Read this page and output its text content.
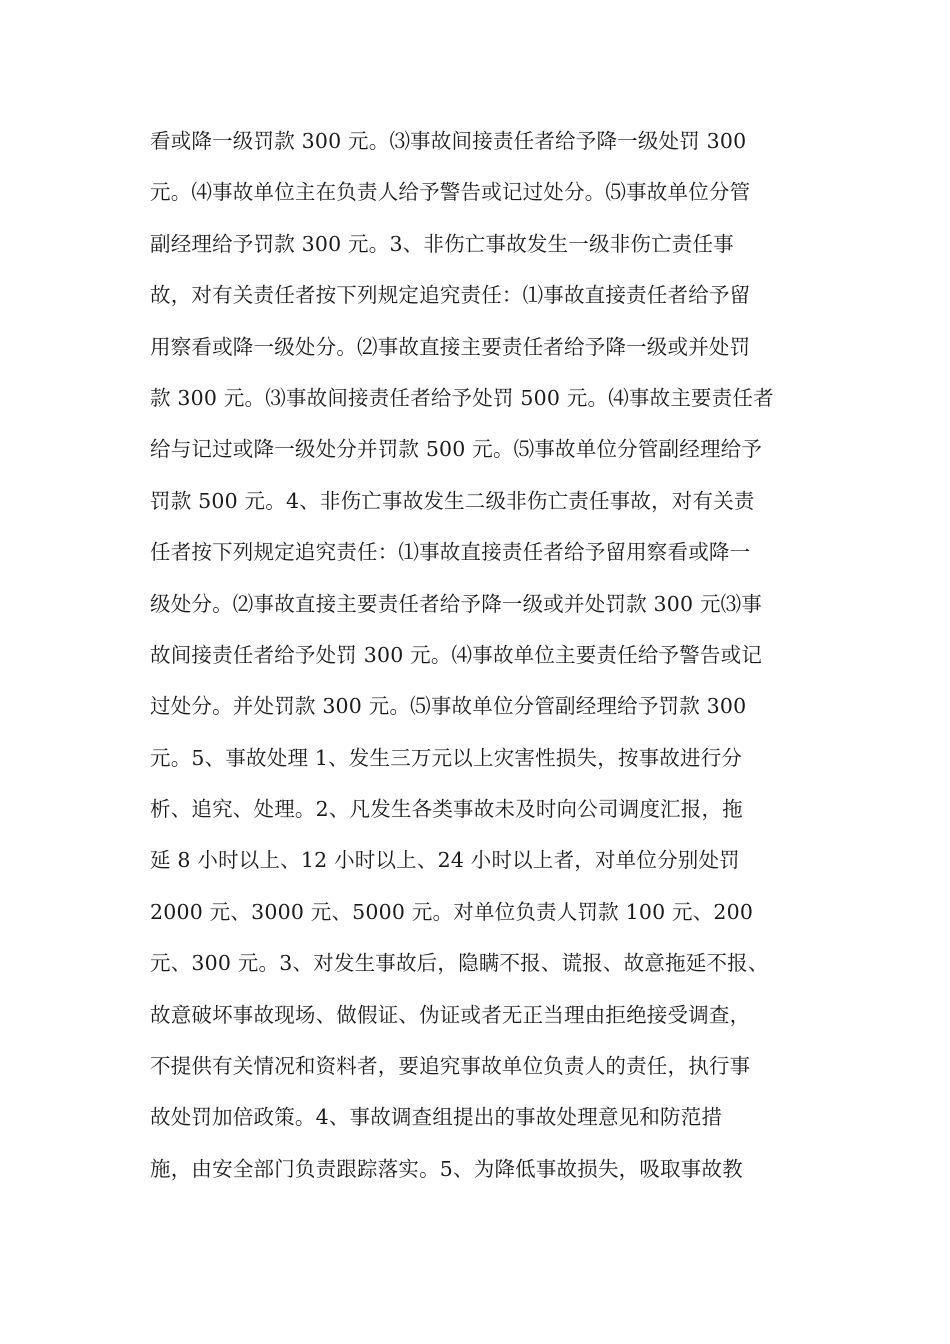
看或降一级罚款 300 元。⑶事故间接责任者给予降一级处罚 300
元。⑷事故单位主在负责人给予警告或记过处分。⑸事故单位分管
副经理给予罚款 300 元。3、非伤亡事故发生一级非伤亡责任事
故，对有关责任者按下列规定追究责任：⑴事故直接责任者给予留
用察看或降一级处分。⑵事故直接主要责任者给予降一级或并处罚
款 300 元。⑶事故间接责任者给予处罚 500 元。⑷事故主要责任者
给与记过或降一级处分并罚款 500 元。⑸事故单位分管副经理给予
罚款 500 元。4、非伤亡事故发生二级非伤亡责任事故，对有关责
任者按下列规定追究责任：⑴事故直接责任者给予留用察看或降一
级处分。⑵事故直接主要责任者给予降一级或并处罚款 300 元⑶事
故间接责任者给予处罚 300 元。⑷事故单位主要责任给予警告或记
过处分。并处罚款 300 元。⑸事故单位分管副经理给予罚款 300
元。5、事故处理 1、发生三万元以上灾害性损失，按事故进行分
析、追究、处理。2、凡发生各类事故未及时向公司调度汇报，拖
延 8 小时以上、12 小时以上、24 小时以上者，对单位分别处罚
2000 元、3000 元、5000 元。对单位负责人罚款 100 元、200
元、300 元。3、对发生事故后，隐瞒不报、谎报、故意拖延不报、
故意破坏事故现场、做假证、伪证或者无正当理由拒绝接受调查，
不提供有关情况和资料者，要追究事故单位负责人的责任，执行事
故处罚加倍政策。4、事故调查组提出的事故处理意见和防范措
施，由安全部门负责跟踪落实。5、为降低事故损失，吸取事故教
